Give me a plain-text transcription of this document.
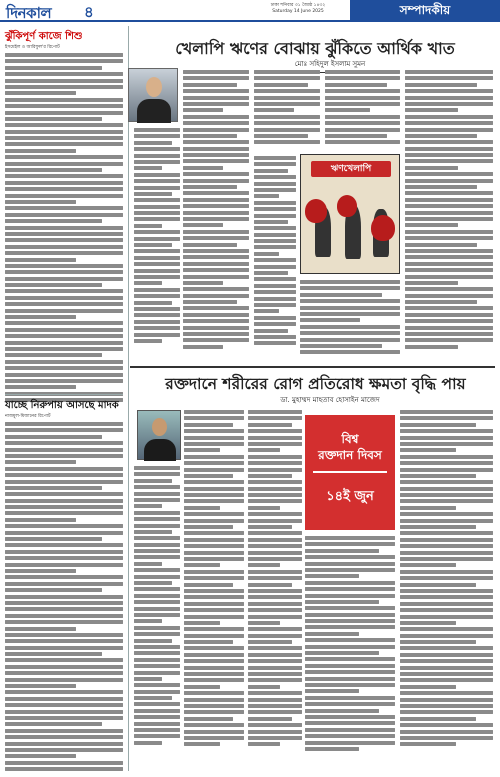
দিনকাল ৪	ঢাকা শনিবার ৩১ জ্যৈষ্ঠ ১৪৩২
Saturday 14 June 2025	সম্পাদকীয়
ঝুঁকিপূর্ণ কাজে শিশু
ইসমেইল ও আরিফুল'র রিপোর্ট
যাচ্ছে নিরুপায় আসছে মাদক
নাজমুল-মিজানের রিপোর্ট
খেলাপি ঋণের বোঝায় ঝুঁকিতে আর্থিক খাত
মোঃ সহিদুল ইসলাম সুমন
ঋণখেলাপি
রক্তদানে শরীরের রোগ প্রতিরোধ ক্ষমতা বৃদ্ধি পায়
ডা. মুহাম্মদ মাহতাব হোসাইন মাজেদ
বিশ্ব
রক্তদান দিবস
১৪ই জুন
